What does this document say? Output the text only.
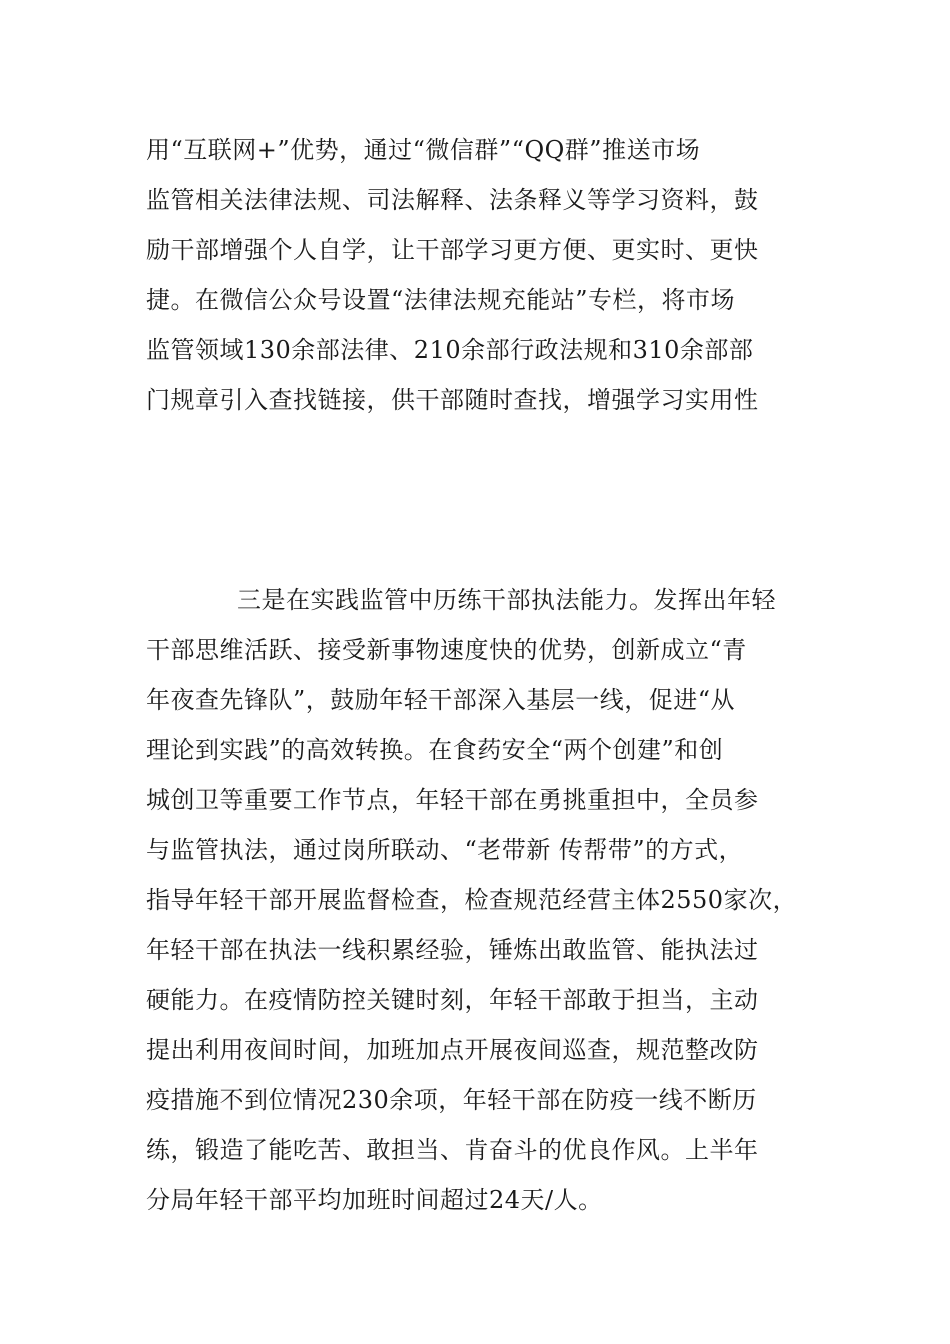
用“互联网+”优势，通过“微信群”“QQ群”推送市场
监管相关法律法规、司法解释、法条释义等学习资料，鼓
励干部增强个人自学，让干部学习更方便、更实时、更快
捷。在微信公众号设置“法律法规充能站”专栏，将市场
监管领域130余部法律、210余部行政法规和310余部部
门规章引入查找链接，供干部随时查找，增强学习实用性
三是在实践监管中历练干部执法能力。发挥出年轻
干部思维活跃、接受新事物速度快的优势，创新成立“青
年夜查先锋队”，鼓励年轻干部深入基层一线，促进“从
理论到实践”的高效转换。在食药安全“两个创建”和创
城创卫等重要工作节点，年轻干部在勇挑重担中，全员参
与监管执法，通过岗所联动、“老带新 传帮带”的方式，
指导年轻干部开展监督检查，检查规范经营主体2550家次，
年轻干部在执法一线积累经验，锤炼出敢监管、能执法过
硬能力。在疫情防控关键时刻，年轻干部敢于担当，主动
提出利用夜间时间，加班加点开展夜间巡查，规范整改防
疫措施不到位情况230余项，年轻干部在防疫一线不断历
练，锻造了能吃苦、敢担当、肯奋斗的优良作风。上半年
分局年轻干部平均加班时间超过24天/人。
